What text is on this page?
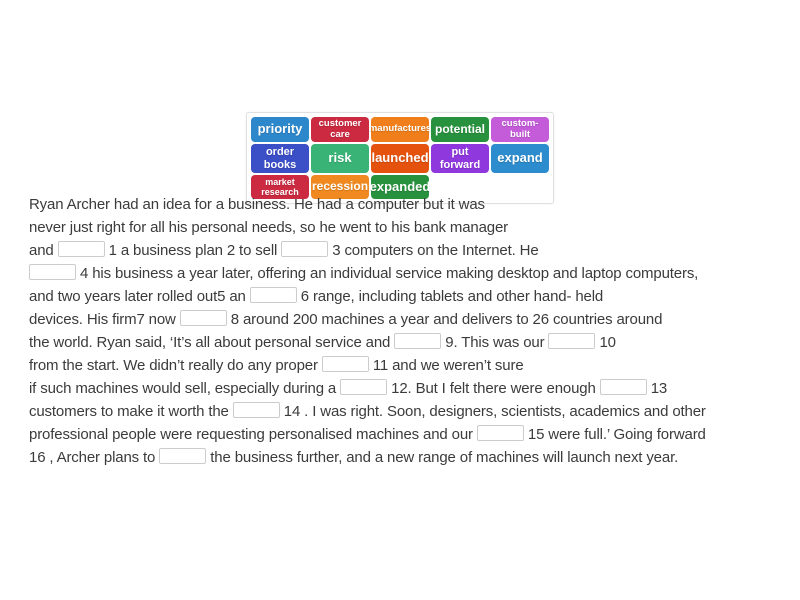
priority	customer care	manufactures potential	custom- built
order books	risk	launched	put forward	expand
market research	recession expanded
Ryan Archer had an idea for a business. He had a computer but it was
never just right for all his personal needs, so he went to his bank manager
and	1 a business plan 2 to sell	3 computers on the Internet. He
4 his business a year later, offering an individual service making desktop and laptop computers,
and two years later rolled out5 an	6 range, including tablets and other hand- held
devices. His firm7 now	8 around 200 machines a year and delivers to 26 countries around
the world. Ryan said, ‘It’s all about personal service and	9. This was our	10
from the start. We didn’t really do any proper	11 and we weren’t sure
if such machines would sell, especially during a	12. But I felt there were enough	13
customers to make it worth the	14 . I was right. Soon, designers, scientists, academics and other
professional people were requesting personalised machines and our	15 were full.’ Going forward
16 , Archer plans to	the business further, and a new range of machines will launch next year.
